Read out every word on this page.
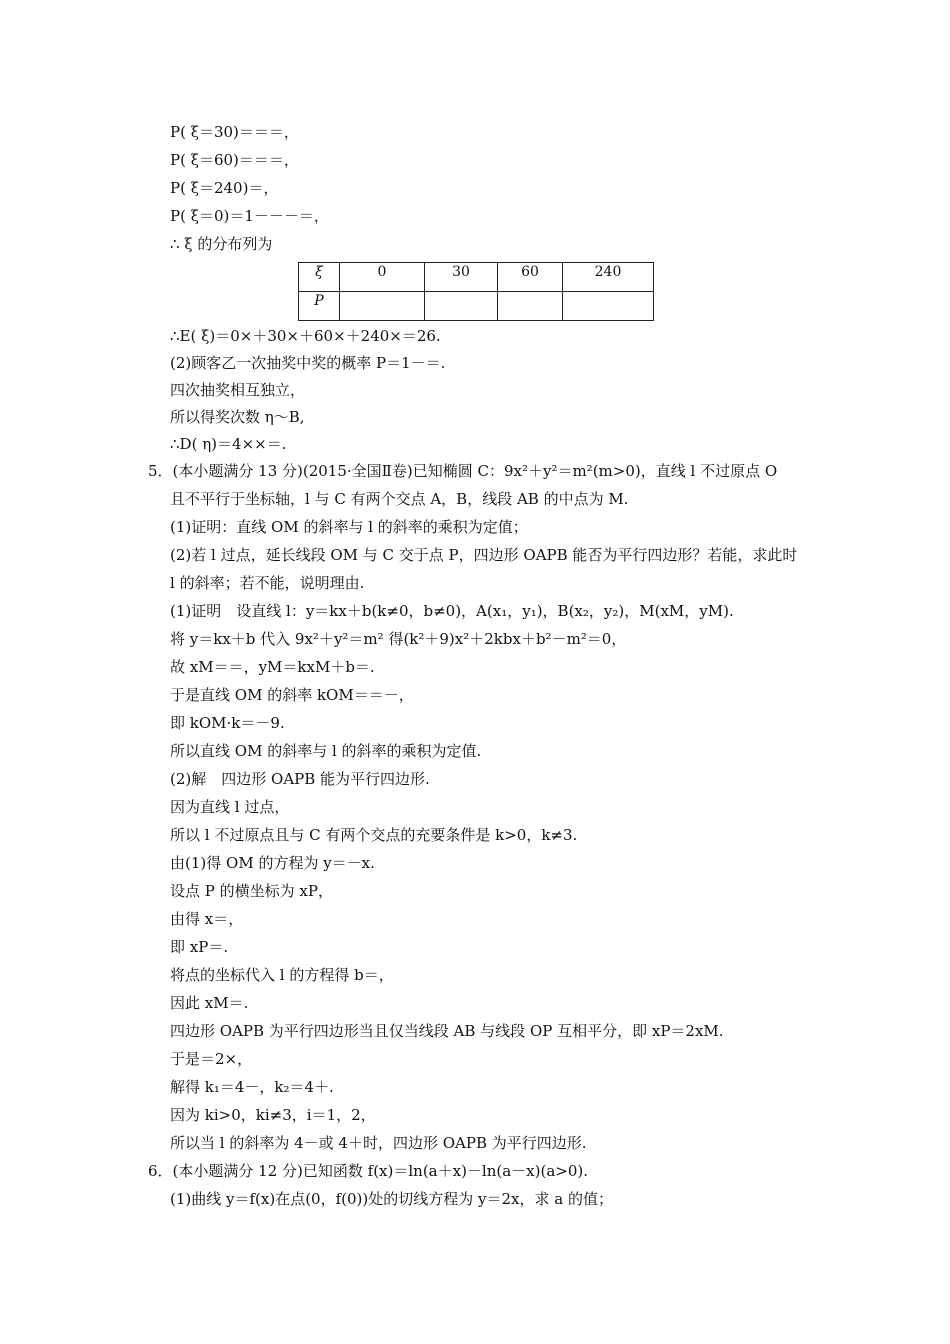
P( ξ＝30)＝＝＝，
P( ξ＝60)＝＝＝，
P( ξ＝240)＝，
P( ξ＝0)＝1－－－＝，
∴ ξ 的分布列为
ξ	0	30	60	240
P				
∴E( ξ)＝0×＋30×＋60×＋240×＝26.
(2)顾客乙一次抽奖中奖的概率 P＝1－＝.
四次抽奖相互独立，
所以得奖次数 η～B,
∴D( η)＝4××＝.
5．(本小题满分 13 分)(2015·全国Ⅱ卷)已知椭圆 C：9x²＋y²＝m²(m>0)，直线 l 不过原点 O
且不平行于坐标轴，l 与 C 有两个交点 A，B，线段 AB 的中点为 M.
(1)证明：直线 OM 的斜率与 l 的斜率的乘积为定值；
(2)若 l 过点，延长线段 OM 与 C 交于点 P，四边形 OAPB 能否为平行四边形？若能，求此时
l 的斜率；若不能，说明理由.
(1)证明　设直线 l：y＝kx＋b(k≠0，b≠0)，A(x₁，y₁)，B(x₂，y₂)，M(xM，yM).
将 y＝kx＋b 代入 9x²＋y²＝m² 得(k²＋9)x²＋2kbx＋b²－m²＝0，
故 xM＝＝，yM＝kxM＋b＝.
于是直线 OM 的斜率 kOM＝＝－，
即 kOM·k＝－9.
所以直线 OM 的斜率与 l 的斜率的乘积为定值.
(2)解　四边形 OAPB 能为平行四边形.
因为直线 l 过点，
所以 l 不过原点且与 C 有两个交点的充要条件是 k>0，k≠3.
由(1)得 OM 的方程为 y＝－x.
设点 P 的横坐标为 xP，
由得 x＝，
即 xP＝.
将点的坐标代入 l 的方程得 b＝，
因此 xM＝.
四边形 OAPB 为平行四边形当且仅当线段 AB 与线段 OP 互相平分，即 xP＝2xM.
于是＝2×，
解得 k₁＝4－，k₂＝4＋.
因为 ki>0，ki≠3，i＝1，2，
所以当 l 的斜率为 4－或 4＋时，四边形 OAPB 为平行四边形.
6．(本小题满分 12 分)已知函数 f(x)＝ln(a＋x)－ln(a－x)(a>0).
(1)曲线 y＝f(x)在点(0，f(0))处的切线方程为 y＝2x，求 a 的值；
